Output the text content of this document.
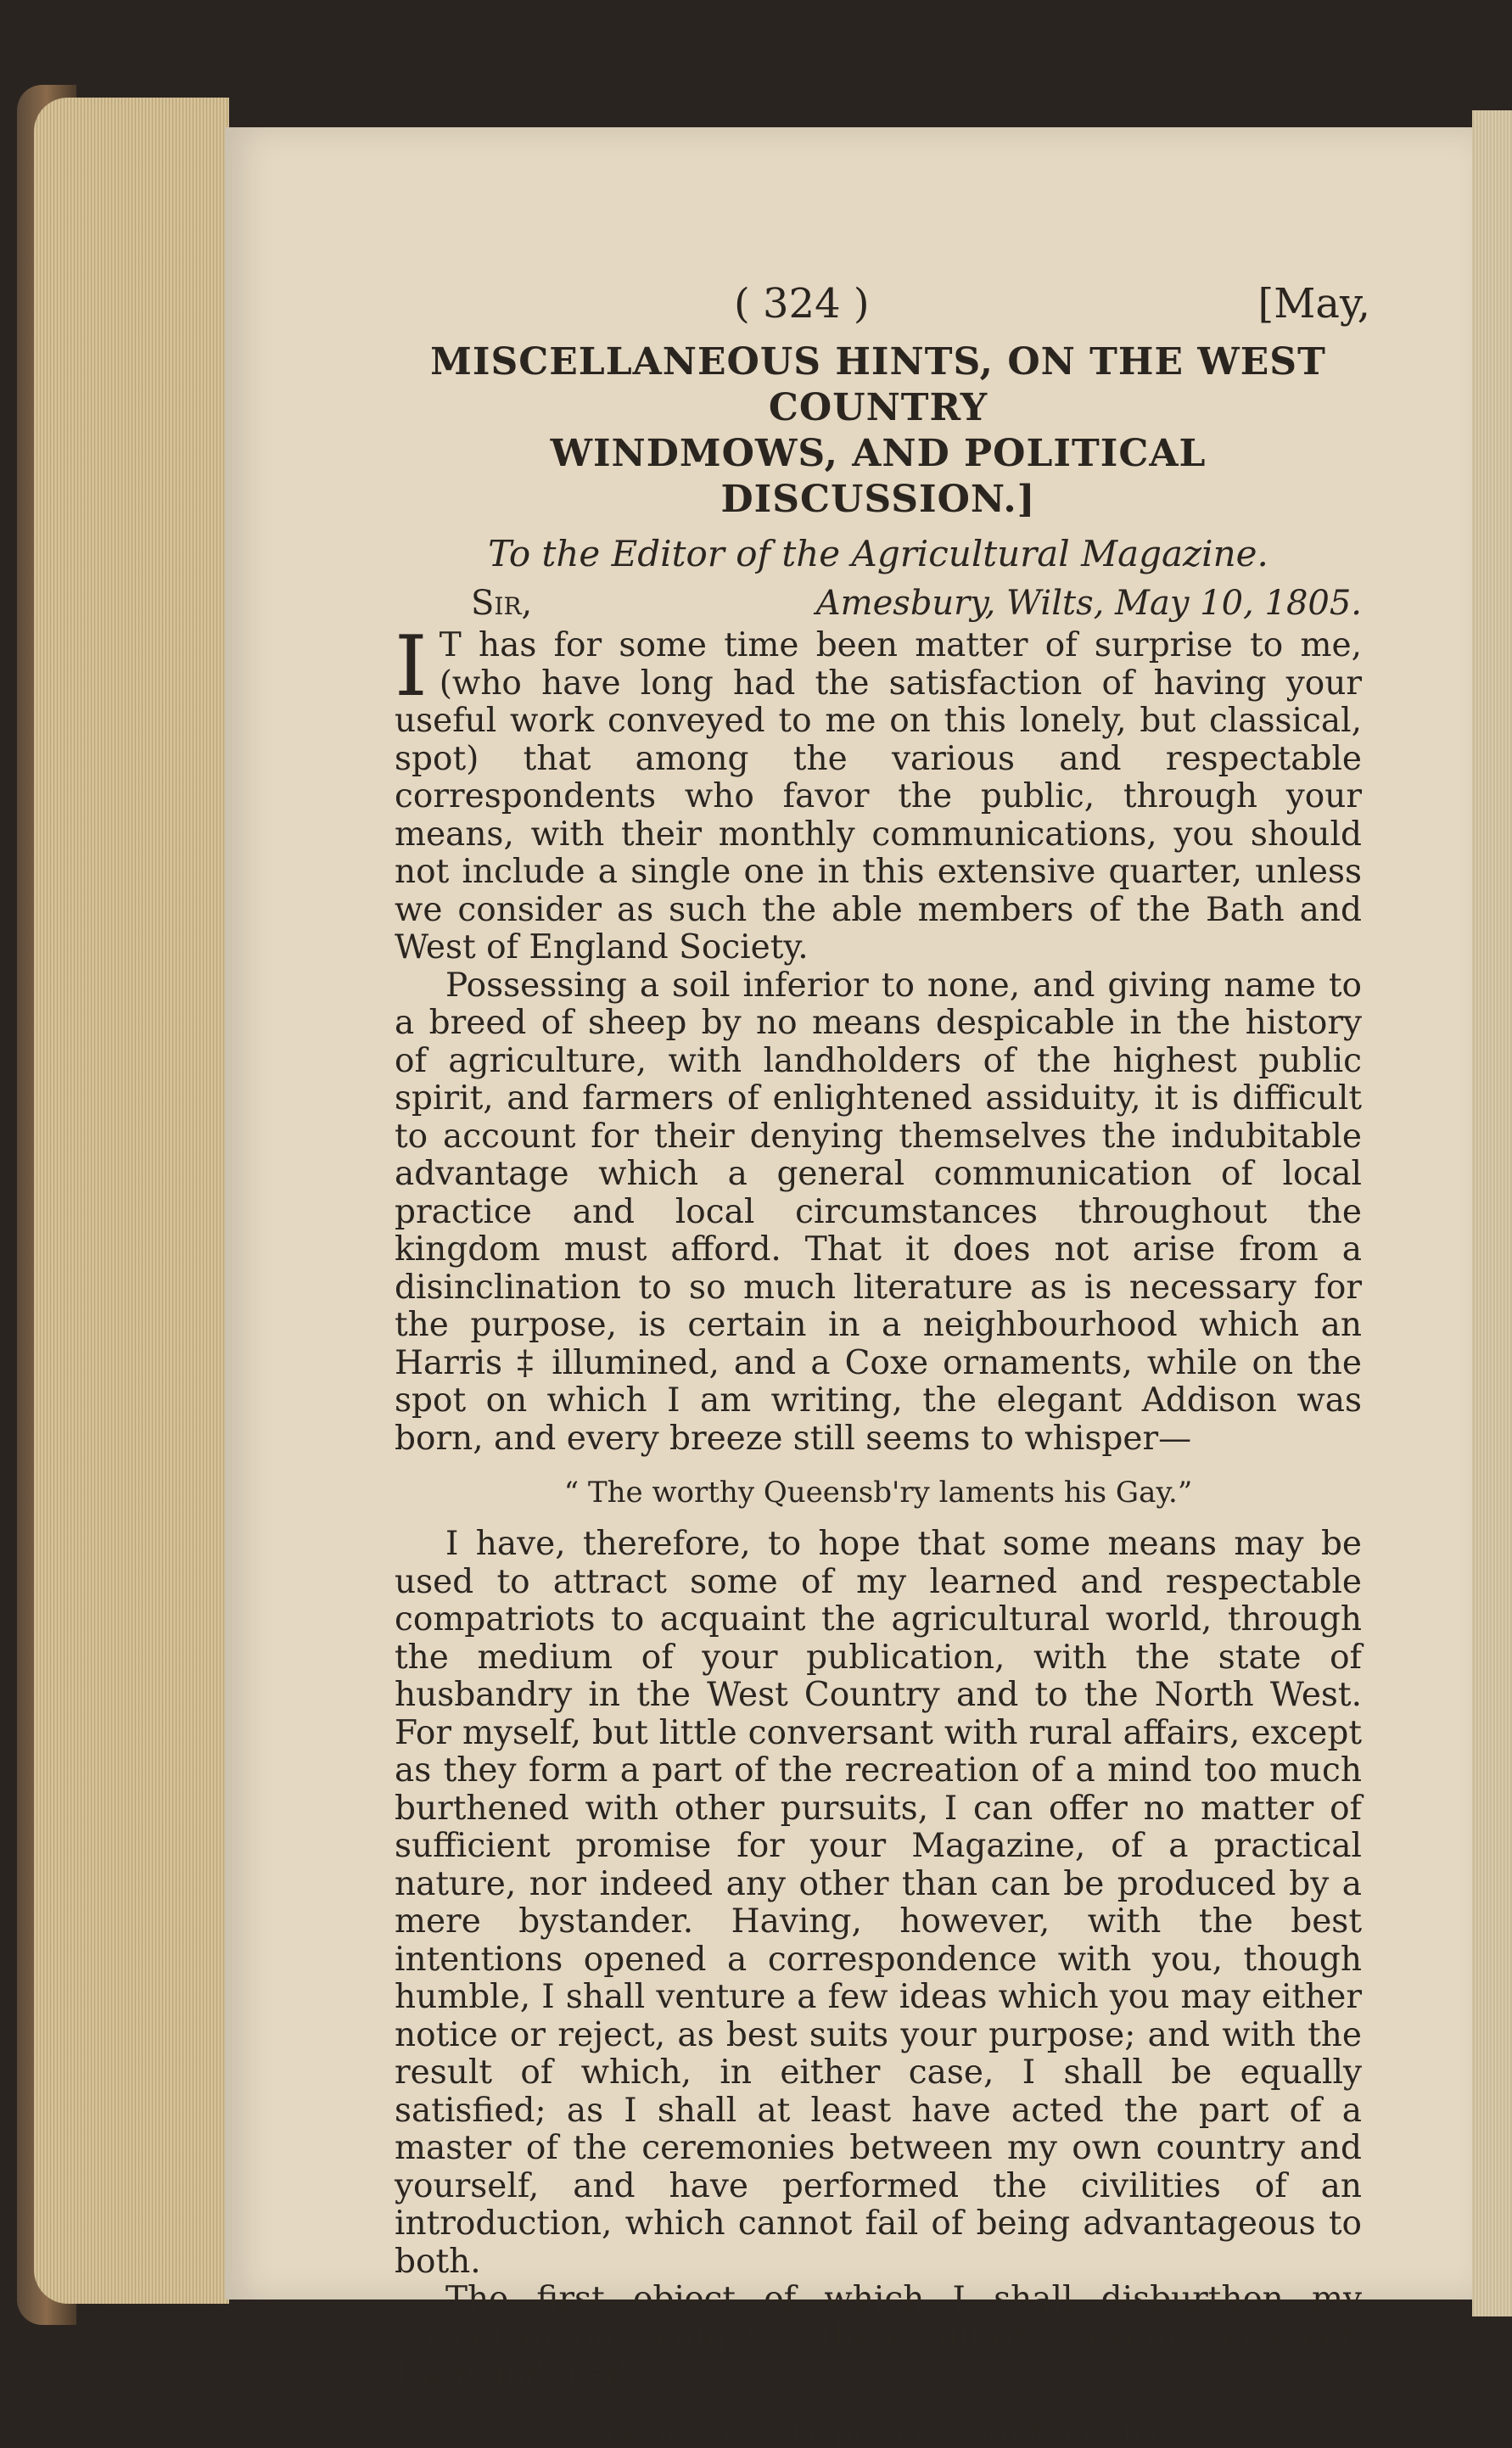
( 324 )	[May,
MISCELLANEOUS HINTS, ON THE WEST COUNTRY
WINDMOWS, AND POLITICAL DISCUSSION.]
To the Editor of the Agricultural Magazine.
Sir,	Amesbury, Wilts, May 10, 1805.

I T has for some time been matter of surprise to me, (who have long had the satisfaction of having your useful work conveyed to me on this lonely, but classical, spot) that among the various and respectable correspondents who favor the public, through your means, with their monthly communications, you should not include a single one in this extensive quarter, unless we consider as such the able members of the Bath and West of England Society.

Possessing a soil inferior to none, and giving name to a breed of sheep by no means despicable in the history of agriculture, with landholders of the highest public spirit, and farmers of enlightened assiduity, it is difficult to account for their denying themselves the indubitable advantage which a general communication of local practice and local circumstances throughout the kingdom must afford. That it does not arise from a disinclination to so much literature as is necessary for the purpose, is certain in a neighbourhood which an Harris ‡ illumined, and a Coxe ornaments, while on the spot on which I am writing, the elegant Addison was born, and every breeze still seems to whisper—

“ The worthy Queensb'ry laments his Gay.”

I have, therefore, to hope that some means may be used to attract some of my learned and respectable compatriots to acquaint the agricultural world, through the medium of your publication, with the state of husbandry in the West Country and to the North West. For myself, but little conversant with rural affairs, except as they form a part of the recreation of a mind too much burthened with other pursuits, I can offer no matter of sufficient promise for your Magazine, of a practical nature, nor indeed any other than can be produced by a mere bystander. Having, however, with the best intentions opened a correspondence with you, though humble, I shall venture a few ideas which you may either notice or reject, as best suits your purpose; and with the result of which, in either case, I shall be equally satisfied; as I shall at least have acted the part of a master of the ceremonies between my own country and yourself, and have performed the civilities of an introduction, which cannot fail of being advantageous to both.

The first object of which I shall disburthen my miscellaneous budget, is the result of an excursion which I was induced

‡ The father of the present Lord Malmsbury.
